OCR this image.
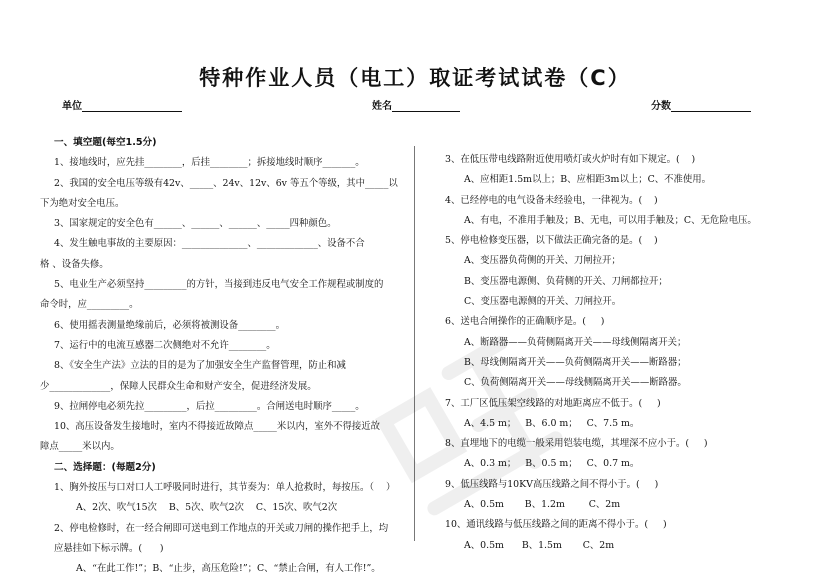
特种作业人员（电工）取证考试试卷（C）
单位	姓名	分数
一、填空题(每空1.5分)
1、接地线时，应先挂________，后挂________；拆接地线时顺序_______。
2、我国的安全电压等级有42v、_____、24v、12v、6v 等五个等级，其中_____以
下为绝对安全电压。
3、国家规定的安全色有______、______、______、_____四种颜色。
4、发生触电事故的主要原因：______________、_____________、设备不合
格 、设备失修。
5、电业生产必须坚持_________的方针，当接到违反电气安全工作规程或制度的
命令时，应_________。
6、使用摇表测量绝缘前后，必须将被测设备________。
7、运行中的电流互感器二次侧绝对不允许________。
8、《安全生产法》立法的目的是为了加强安全生产监督管理，防止和减
少_____________，保障人民群众生命和财产安全，促进经济发展。
9、拉闸停电必须先拉_________，后拉_________。合闸送电时顺序_____。
10、高压设备发生接地时，室内不得接近故障点_____米以内，室外不得接近故
障点_____米以内。
二、选择题：(每题2分)
1、胸外按压与口对口人工呼吸同时进行，其节奏为：单人抢救时，每按压。（    ）
A、2次、吹气15次    B、5次、吹气2次    C、15次、吹气2次
2、停电检修时，在一经合闸即可送电到工作地点的开关或刀闸的操作把手上，均
应悬挂如下标示牌。(      )
A、“在此工作!”；B、“止步，高压危险!”；C、“禁止合闸，有人工作!”。
3、在低压带电线路附近使用喷灯或火炉时有如下规定。(    )
A、应相距1.5m以上；B、应相距3m以上；C、不准使用。
4、已经停电的电气设备未经验电，一律视为。(    )
A、有电，不准用手触及；B、无电，可以用手触及；C、无危险电压。
5、停电检修变压器，以下做法正确完备的是。(    )
A、变压器负荷侧的开关、刀闸拉开；
B、变压器电源侧、负荷侧的开关、刀闸都拉开；
C、变压器电源侧的开关、刀闸拉开。
6、送电合闸操作的正确顺序是。(     )
A、断路器——负荷侧隔离开关——母线侧隔离开关；
B、母线侧隔离开关——负荷侧隔离开关——断路器；
C、负荷侧隔离开关——母线侧隔离开关——断路器。
7、工厂区低压架空线路的对地距离应不低于。(     )
A、4.5 m；   B、6.0 m；   C、7.5 m。
8、直埋地下的电缆一般采用铠装电缆，其埋深不应小于。(     )
A、0.3 m；   B、0.5 m；   C、0.7 m。
9、低压线路与10KV高压线路之间不得小于。(     )
A、0.5m       B、1.2m        C、2m
10、通讯线路与低压线路之间的距离不得小于。(     )
A、0.5m      B、1.5m       C、2m
